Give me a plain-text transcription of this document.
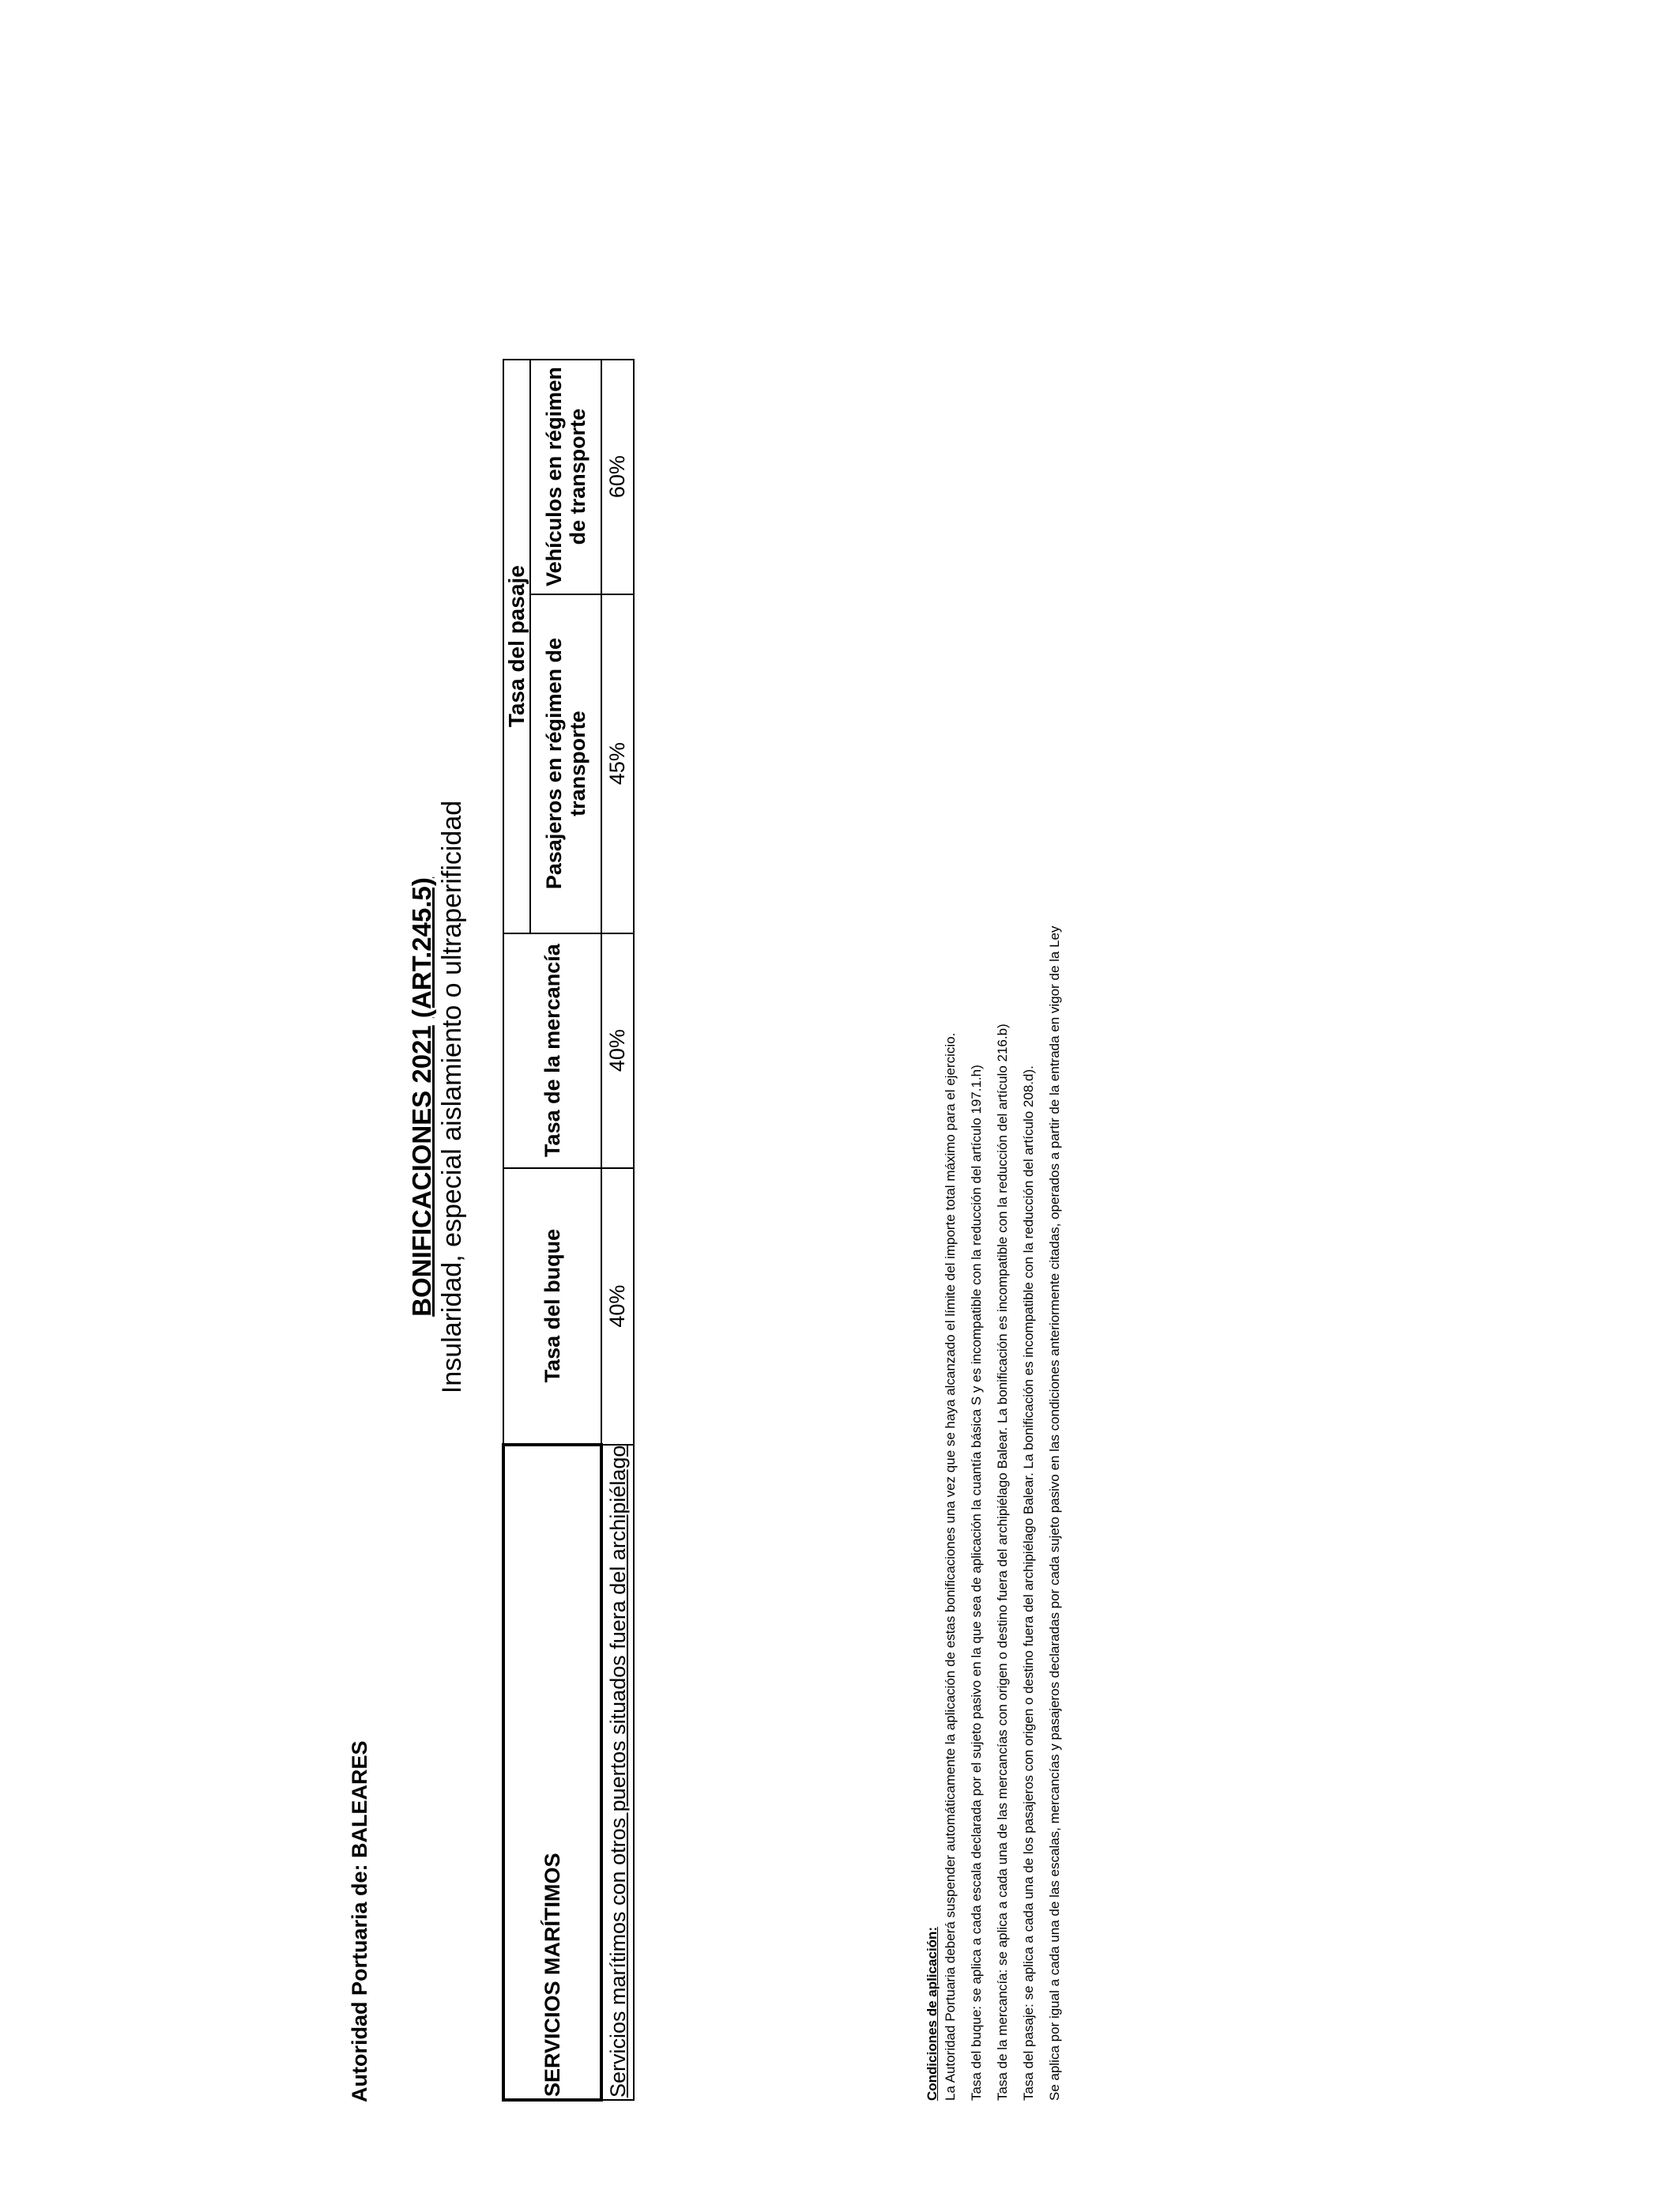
Autoridad Portuaria de: BALEARES
BONIFICACIONES 2021 (ART.245.5) Insularidad, especial aislamiento o ultraperificidad
SERVICIOS MARÍTIMOS	Tasa del buque	Tasa de la mercancía	Tasa del pasaje	
			Pasajeros en régimen de transporte	Vehículos en régimen de transporte
Servicios marítimos con otros puertos situados fuera del archipiélago	40%	40%	45%	60%
Condiciones de aplicación: La Autoridad Portuaria deberá suspender automáticamente la aplicación de estas bonificaciones una vez que se haya alcanzado el límite del importe total máximo para el ejercicio. Tasa del buque: se aplica a cada escala declarada por el sujeto pasivo en la que sea de aplicación la cuantía básica S y es incompatible con la reducción del artículo 197.1.h) Tasa de la mercancía: se aplica a cada una de las mercancías con origen o destino fuera del archipiélago Balear. La bonificación es incompatible con la reducción del artículo 216.b) Tasa del pasaje: se aplica a cada una de los pasajeros con origen o destino fuera del archipiélago Balear. La bonificación es incompatible con la reducción del artículo 208.d). Se aplica por igual a cada una de las escalas, mercancías y pasajeros declaradas por cada sujeto pasivo en las condiciones anteriormente citadas, operados a partir de la entrada en vigor de la Ley
